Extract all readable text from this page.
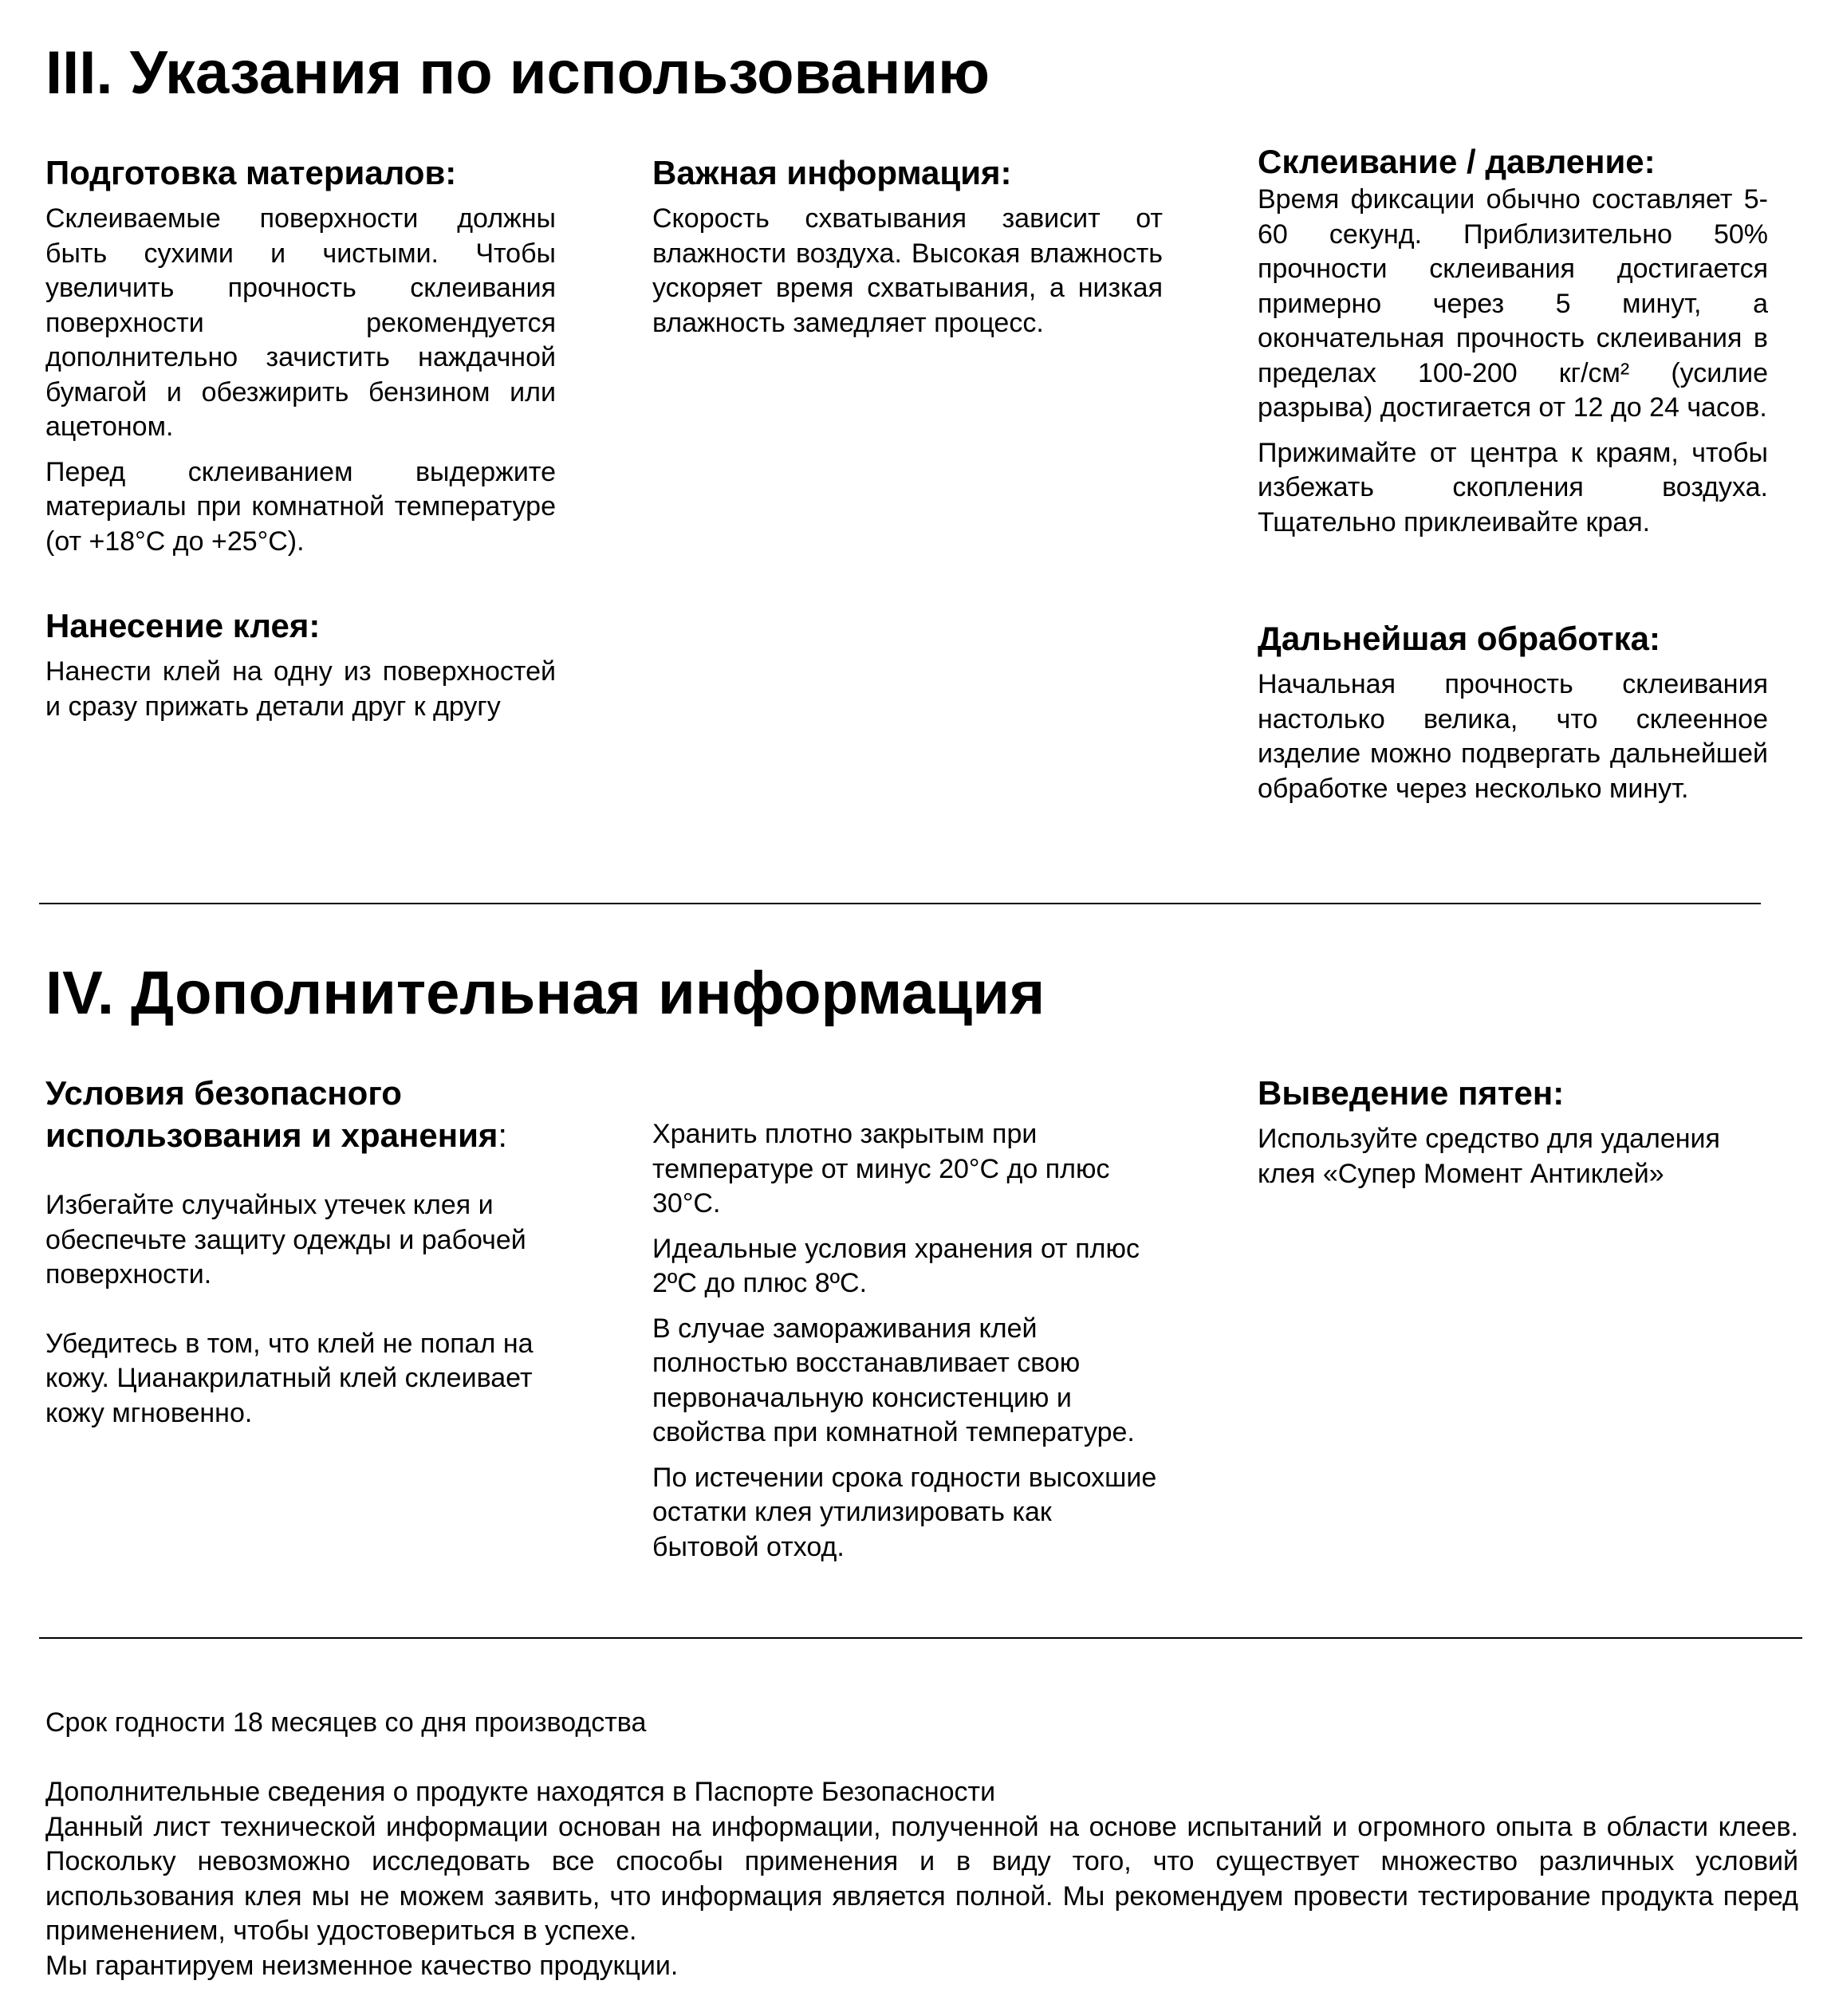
III. Указания по использованию
Подготовка материалов:

Склеиваемые поверхности должны быть сухими и чистыми. Чтобы увеличить прочность склеивания поверхности рекомендуется дополнительно зачистить наждачной бумагой и обезжирить бензином или ацетоном.

Перед склеиванием выдержите материалы при комнатной температуре (от +18°C до +25°C).

Нанесение клея:

Нанести клей на одну из поверхностей и сразу прижать детали друг к другу

Важная информация:

Скорость схватывания зависит от влажности воздуха. Высокая влажность ускоряет время схватывания, а низкая влажность замедляет процесс.

Склеивание / давление:

Время фиксации обычно составляет 5-60 секунд. Приблизительно 50% прочности склеивания достигается примерно через 5 минут, а окончательная прочность склеивания в пределах 100-200 кг/см² (усилие разрыва) достигается от 12 до 24 часов.

Прижимайте от центра к краям, чтобы избежать скопления воздуха. Тщательно приклеивайте края.

Дальнейшая обработка:

Начальная прочность склеивания настолько велика, что склеенное изделие можно подвергать дальнейшей обработке через несколько минут.

IV. Дополнительная информация
Условия безопасного использования и хранения:

Избегайте случайных утечек клея и обеспечьте защиту одежды и рабочей поверхности.

Убедитесь в том, что клей не попал на кожу. Цианакрилатный клей склеивает кожу мгновенно.

Хранить плотно закрытым при температуре от минус 20°C до плюс 30°C.

Идеальные условия хранения от плюс 2ºC до плюс 8ºC.

В случае замораживания клей полностью восстанавливает свою первоначальную консистенцию и свойства при комнатной температуре.

По истечении срока годности высохшие остатки клея утилизировать как бытовой отход.

Выведение пятен:

Используйте средство для удаления клея «Супер Момент Антиклей»

Срок годности 18 месяцев со дня производства

Дополнительные сведения о продукте находятся в Паспорте Безопасности

Данный лист технической информации основан на информации, полученной на основе испытаний и огромного опыта в области клеев. Поскольку невозможно исследовать все способы применения и в виду того, что существует множество различных условий использования клея мы не можем заявить, что информация является полной. Мы рекомендуем провести тестирование продукта перед применением, чтобы удостовериться в успехе.

Мы гарантируем неизменное качество продукции.
